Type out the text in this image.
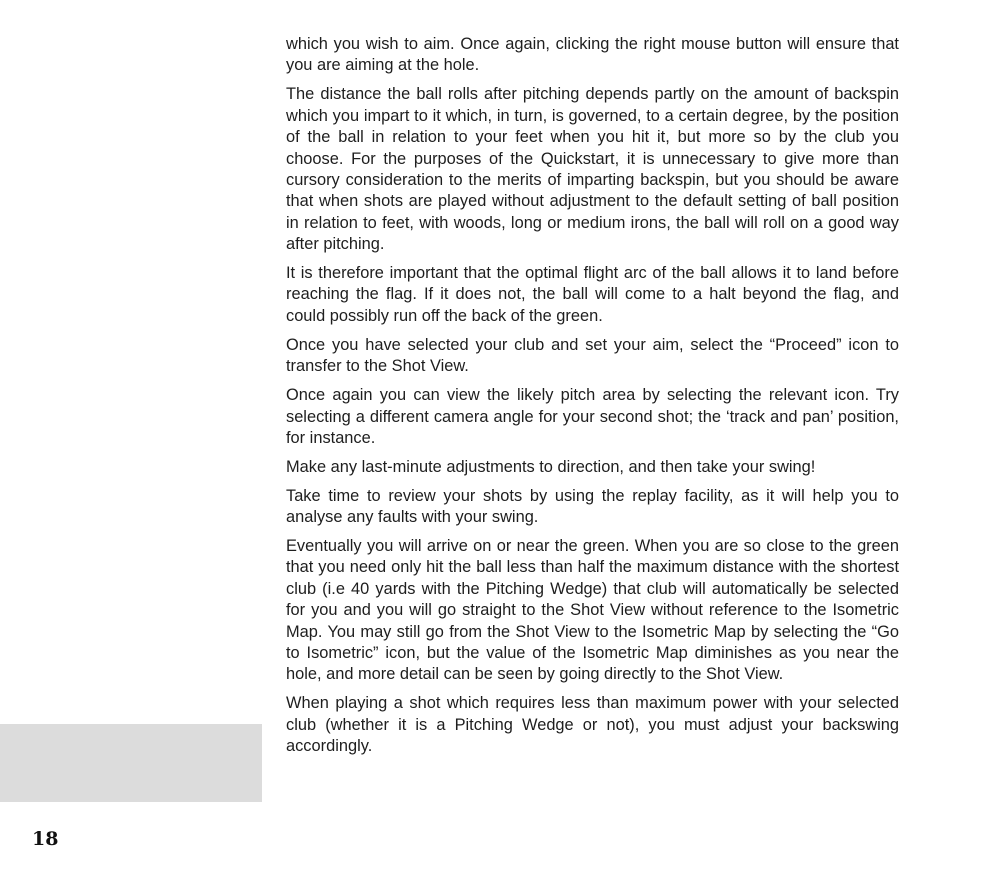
which you wish to aim. Once again, clicking the right mouse button will ensure that you are aiming at the hole.

The distance the ball rolls after pitching depends partly on the amount of backspin which you impart to it which, in turn, is governed, to a certain degree, by the position of the ball in relation to your feet when you hit it, but more so by the club you choose. For the purposes of the Quickstart, it is unnecessary to give more than cursory consideration to the merits of imparting backspin, but you should be aware that when shots are played without adjustment to the default setting of ball position in relation to feet, with woods, long or medium irons, the ball will roll on a good way after pitching.

It is therefore important that the optimal flight arc of the ball allows it to land before reaching the flag. If it does not, the ball will come to a halt beyond the flag, and could possibly run off the back of the green.

Once you have selected your club and set your aim, select the “Proceed” icon to transfer to the Shot View.

Once again you can view the likely pitch area by selecting the relevant icon. Try selecting a different camera angle for your second shot; the ‘track and pan’ position, for instance.

Make any last-minute adjustments to direction, and then take your swing!

Take time to review your shots by using the replay facility, as it will help you to analyse any faults with your swing.

Eventually you will arrive on or near the green. When you are so close to the green that you need only hit the ball less than half the maximum distance with the shortest club (i.e 40 yards with the Pitching Wedge) that club will automatically be selected for you and you will go straight to the Shot View without reference to the Isometric Map. You may still go from the Shot View to the Isometric Map by selecting the “Go to Isometric” icon, but the value of the Isometric Map diminishes as you near the hole, and more detail can be seen by going directly to the Shot View.

When playing a shot which requires less than maximum power with your selected club (whether it is a Pitching Wedge or not), you must adjust your backswing accordingly.

18
